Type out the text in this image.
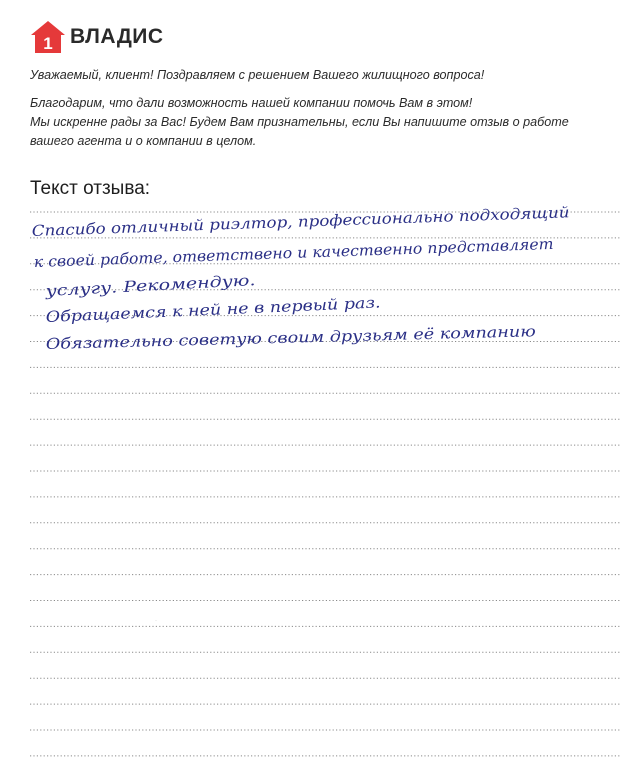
1 ВЛАДИС

Уважаемый, клиент! Поздравляем с решением Вашего жилищного вопроса!

Благодарим, что дали возможность нашей компании помочь Вам в этом!
Мы искренне рады за Вас! Будем Вам признательны, если Вы напишите отзыв о работе
вашего агента и о компании в целом.

Текст отзыва:
Спасибо отличный риэлтор, профессионально подходящий
к своей работе, ответствено и качественно представляет
услугу. Рекомендую.
Обращаемся к ней не в первый раз.
Обязательно советую своим друзьям её компанию
·
